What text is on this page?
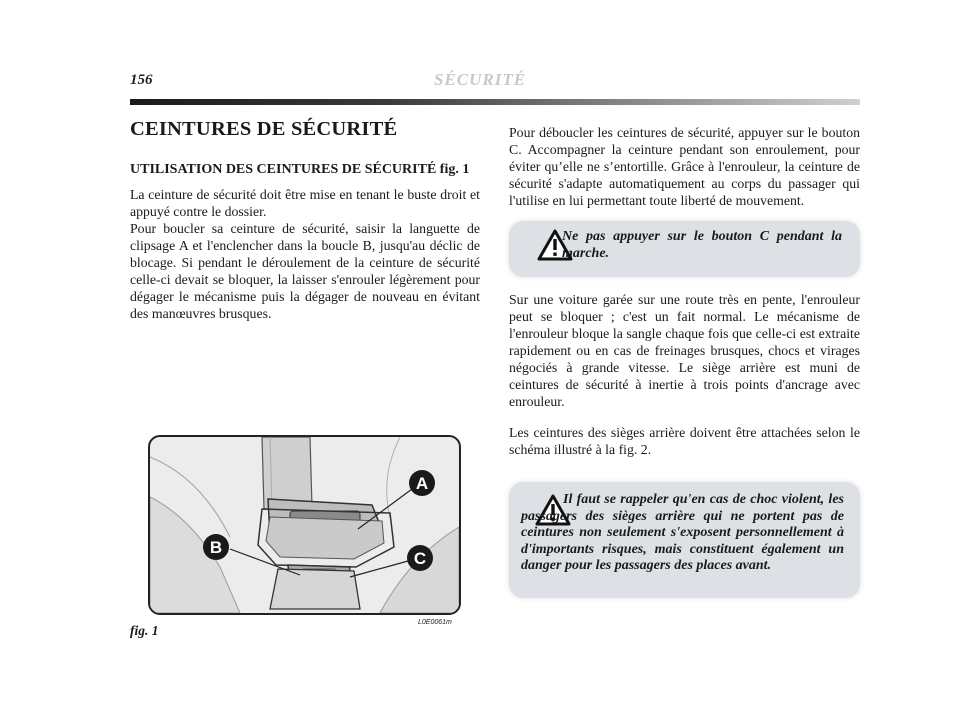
156	SÉCURITÉ
CEINTURES DE SÉCURITÉ
UTILISATION DES CEINTURES DE SÉCURITÉ fig. 1

La ceinture de sécurité doit être mise en tenant le buste droit et appuyé contre le dossier.

Pour boucler sa ceinture de sécurité, saisir la languette de clipsage A et l'enclencher dans la boucle B, jusqu'au déclic de blocage. Si pendant le déroulement de la ceinture de sécurité celle-ci devait se bloquer, la laisser s'enrouler légèrement pour dégager le mécanisme puis la dégager de nouveau en évitant des manœuvres brusques.

Pour déboucler les ceintures de sécurité, appuyer sur le bouton C. Accompagner la ceinture pendant son enroulement, pour éviter qu’elle ne s’entortille. Grâce à l'enrouleur, la ceinture de sécurité s'adapte automatiquement au corps du passager qui l'utilise en lui permettant toute liberté de mouvement.

Ne pas appuyer sur le bouton C pendant la marche.

Sur une voiture garée sur une route très en pente, l'enrouleur peut se bloquer ; c'est un fait normal. Le mécanisme de l'enrouleur bloque la sangle chaque fois que celle-ci est extraite rapidement ou en cas de freinages brusques, chocs et virages négociés à grande vitesse. Le siège arrière est muni de ceintures de sécurité à inertie à trois points d'ancrage avec enrouleur.

Les ceintures des sièges arrière doivent être attachées selon le schéma illustré à la fig. 2.

Il faut se rappeler qu'en cas de choc violent, les passagers des sièges arrière qui ne portent pas de ceintures non seulement s'exposent personnellement à d'importants risques, mais constituent également un danger pour les passagers des places avant.
A
B
C
fig. 1
L0E0061m
